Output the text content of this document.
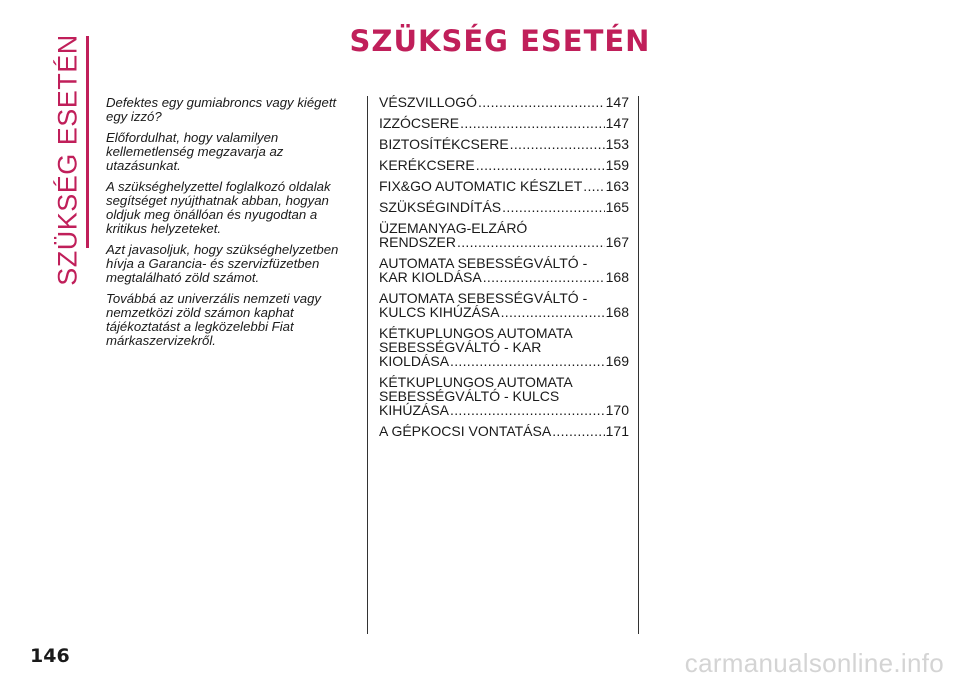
SZÜKSÉG ESETÉN	SZÜKSÉG ESETÉN

Defektes egy gumiabroncs vagy kiégett egy izzó?

Előfordulhat, hogy valamilyen kellemetlenség megzavarja az utazásunkat.

A szükséghelyzettel foglalkozó oldalak segítséget nyújthatnak abban, hogyan oldjuk meg önállóan és nyugodtan a kritikus helyzeteket.

Azt javasoljuk, hogy szükséghelyzetben hívja a Garancia- és szervizfüzetben megtalálható zöld számot.

Továbbá az univerzális nemzeti vagy nemzetközi zöld számon kaphat tájékoztatást a legközelebbi Fiat márkaszervizekről.

VÉSZVILLOGÓ .....	147
IZZÓCSERE .....	147
BIZTOSÍTÉKCSERE .....	153
KERÉKCSERE .....	159
FIX&GO AUTOMATIC KÉSZLET ..... 163
SZÜKSÉGINDÍTÁS .....	165
ÜZEMANYAG-ELZÁRÓ
RENDSZER .....	167
AUTOMATA SEBESSÉGVÁLTÓ -
KAR KIOLDÁSA .....	168
AUTOMATA SEBESSÉGVÁLTÓ -
KULCS KIHÚZÁSA .....	168
KÉTKUPLUNGOS AUTOMATA
SEBESSÉGVÁLTÓ - KAR
KIOLDÁSA .....	169
KÉTKUPLUNGOS AUTOMATA
SEBESSÉGVÁLTÓ - KULCS
KIHÚZÁSA .....	170
A GÉPKOCSI VONTATÁSA .....	171
146	carmanualsonline.info
